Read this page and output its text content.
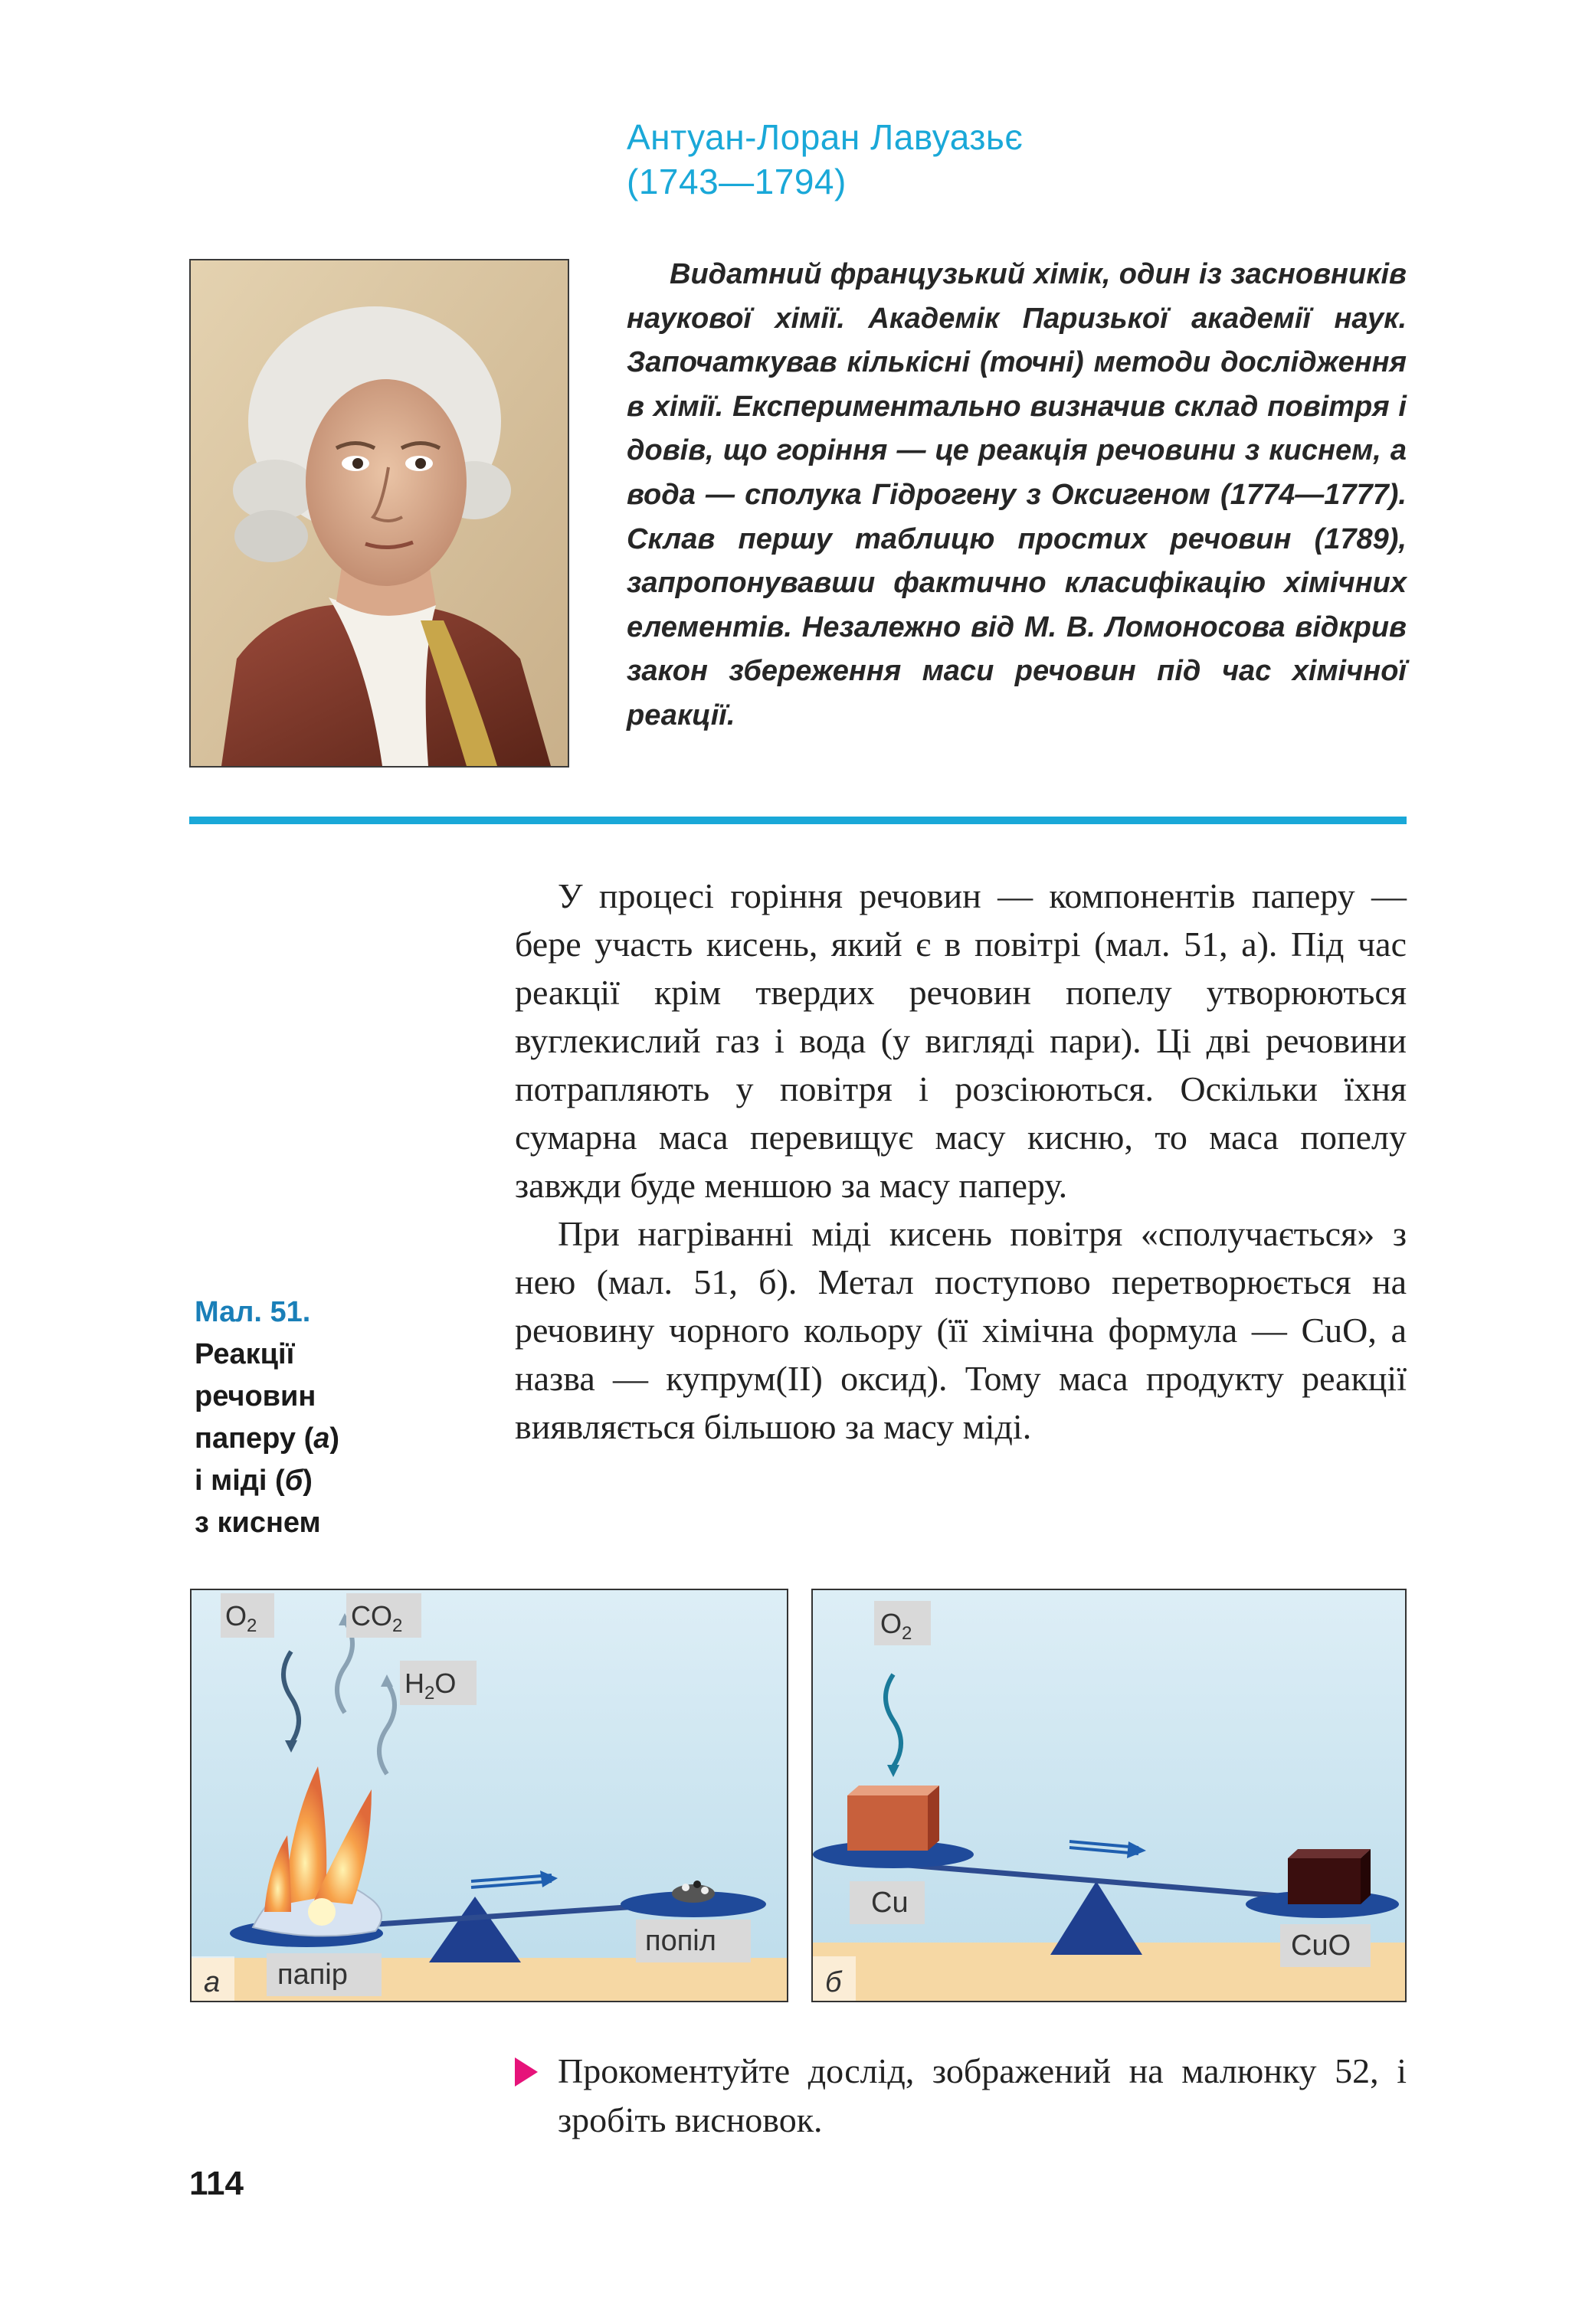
Антуан-Лоран Лавуазьє
(1743—1794)
Видатний французький хімік, один із засновників наукової хімії. Академік Паризької академії наук. Започаткував кількісні (точні) методи дослідження в хімії. Експериментально визначив склад повітря і довів, що горіння — це реакція речовини з киснем, а вода — сполука Гідрогену з Оксигеном (1774—1777). Склав першу таблицю простих речовин (1789), запропонувавши фактично класифікацію хімічних елементів. Незалежно від М. В. Ломоносова відкрив закон збереження маси речовин під час хімічної реакції.

У процесі горіння речовин — компонентів паперу — бере участь кисень, який є в повітрі (мал. 51, а). Під час реакції крім твердих речовин попелу утворюються вуглекислий газ і вода (у вигляді пари). Ці дві речовини потрапляють у повітря і розсіюються. Оскільки їхня сумарна маса перевищує масу кисню, то маса попелу завжди буде меншою за масу паперу.

При нагріванні міді кисень повітря «сполучається» з нею (мал. 51, б). Метал поступово перетворюється на речовину чорного кольору (її хімічна формула — CuO, а назва — купрум(II) оксид). Тому маса продукту реакції виявляється більшою за масу міді.

Мал. 51.
Реакції
речовин
паперу (а)
і міді (б)
з киснем
$O_2$	$CO_2$
$H_2O$
папір
попіл
а
$O_2$
Cu
CuO
б
Прокоментуйте дослід, зображений на малюнку 52, і зробіть висновок.
114
